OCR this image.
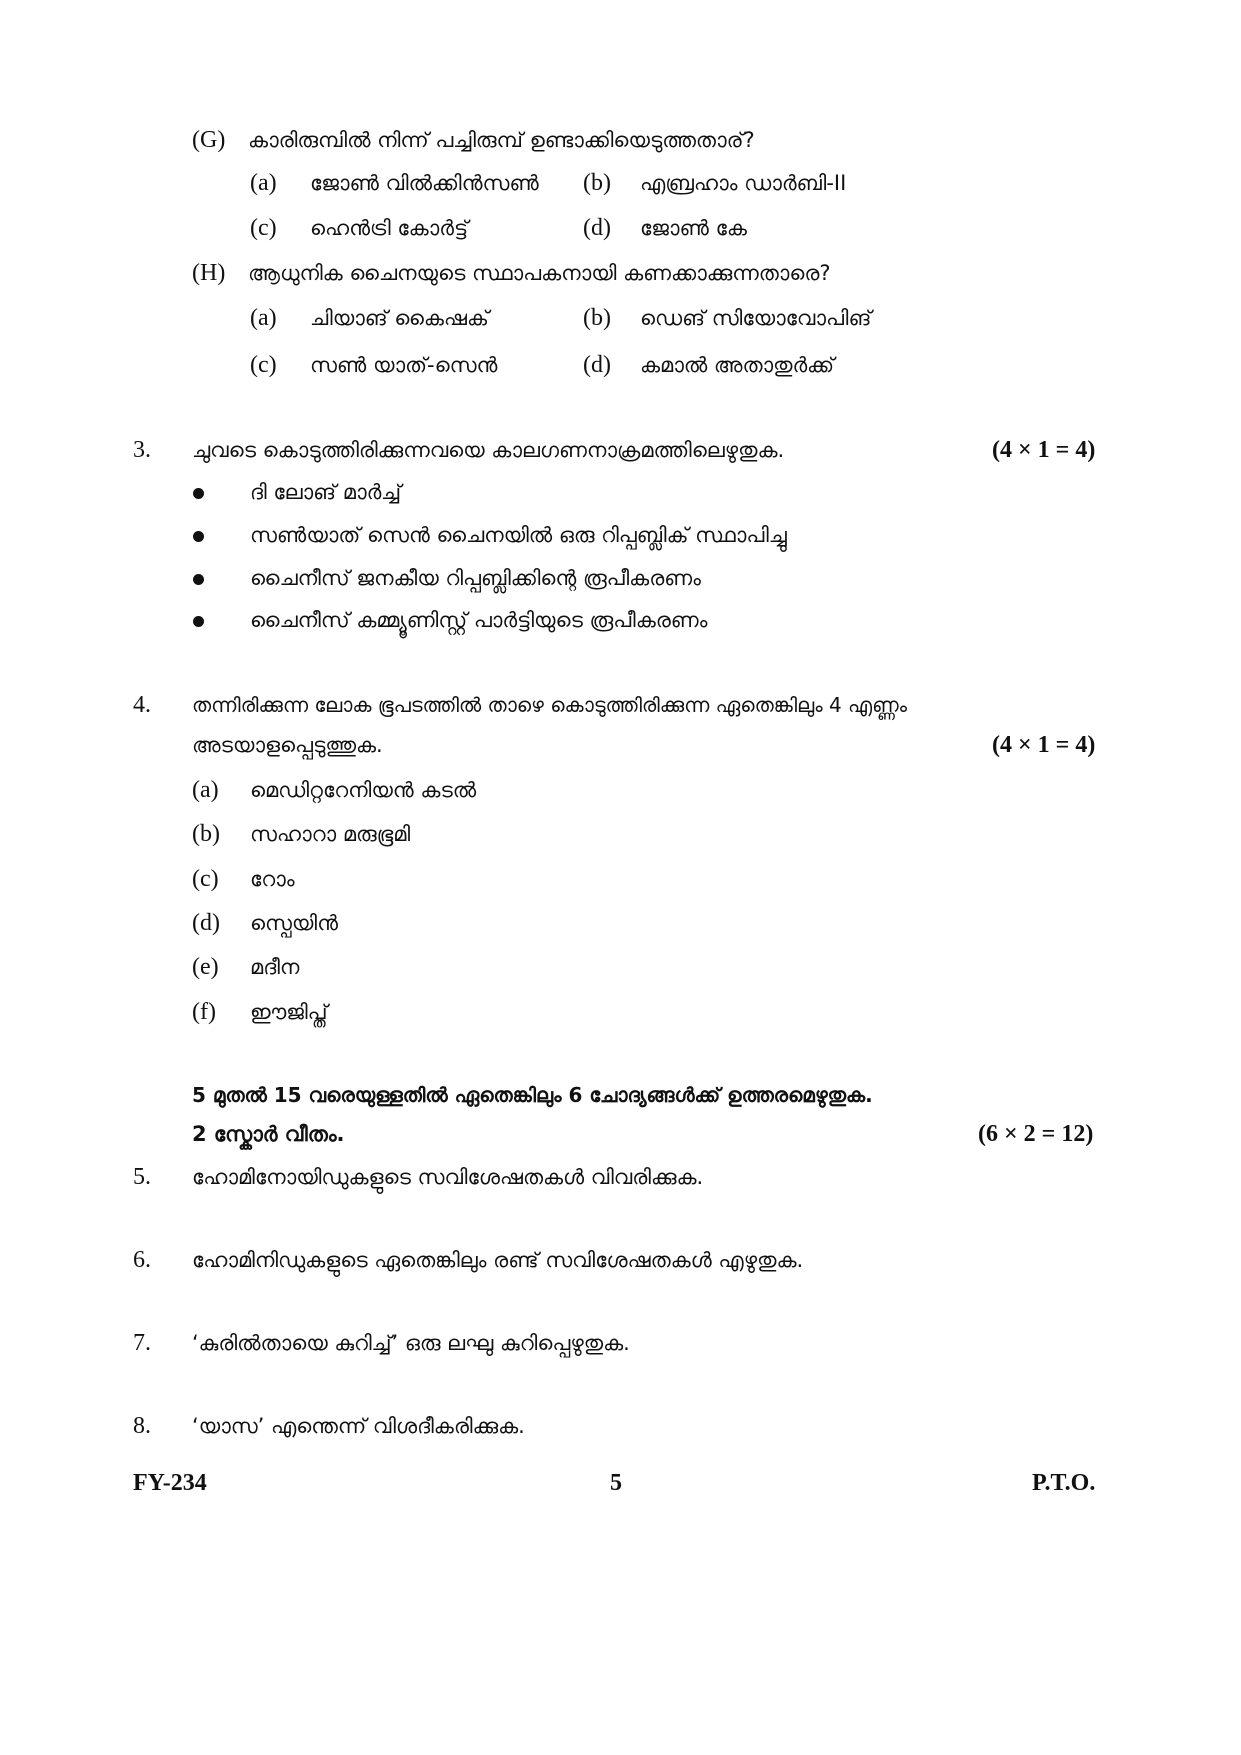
(G) കാരിരുമ്പിൽ നിന്ന് പച്ചിരുമ്പ് ഉണ്ടാക്കിയെടുത്തതാര്?
(a) ജോൺ വിൽക്കിൻസൺ (b) എബ്രഹാം ഡാർബി-II
(c) ഹെൻട്രി കോർട്ട്	(d) ജോൺ കേ
(H) ആധുനിക ചൈനയുടെ സ്ഥാപകനായി കണക്കാക്കുന്നതാരെ?
(a) ചിയാങ് കൈഷക്	(b) ഡെങ് സിയോവോപിങ്
(c) സൺ യാത്-സെൻ	(d) കമാൽ അതാതുർക്ക്
3. ചുവടെ കൊടുത്തിരിക്കുന്നവയെ കാലഗണനാക്രമത്തിലെഴുതുക.	(4 × 1 = 4)
ദി ലോങ് മാർച്ച്
സൺയാത് സെൻ ചൈനയിൽ ഒരു റിപ്പബ്ലിക് സ്ഥാപിച്ചു
ചൈനീസ് ജനകീയ റിപ്പബ്ലിക്കിന്റെ രൂപീകരണം
ചൈനീസ് കമ്മ്യൂണിസ്റ്റ് പാർട്ടിയുടെ രൂപീകരണം
4. തന്നിരിക്കുന്ന ലോക ഭൂപടത്തിൽ താഴെ കൊടുത്തിരിക്കുന്ന ഏതെങ്കിലും 4 എണ്ണം
അടയാളപ്പെടുത്തുക.	(4 × 1 = 4)
(a) മെഡിറ്ററേനിയൻ കടൽ
(b) സഹാറാ മരുഭൂമി
(c) റോം
(d) സ്പെയിൻ
(e) മദീന
(f) ഈജിപ്ത്
5 മുതൽ 15 വരെയുള്ളതിൽ ഏതെങ്കിലും 6 ചോദ്യങ്ങൾക്ക് ഉത്തരമെഴുതുക.
2 സ്കോർ വീതം.	(6 × 2 = 12)
5. ഹോമിനോയിഡുകളുടെ സവിശേഷതകൾ വിവരിക്കുക.
6. ഹോമിനിഡുകളുടെ ഏതെങ്കിലും രണ്ട് സവിശേഷതകൾ എഴുതുക.
7. ‘കുരിൽതായെ കുറിച്ച്’ ഒരു ലഘു കുറിപ്പെഴുതുക.
8. ‘യാസ’ എന്തെന്ന് വിശദീകരിക്കുക.
FY-234	5	P.T.O.
